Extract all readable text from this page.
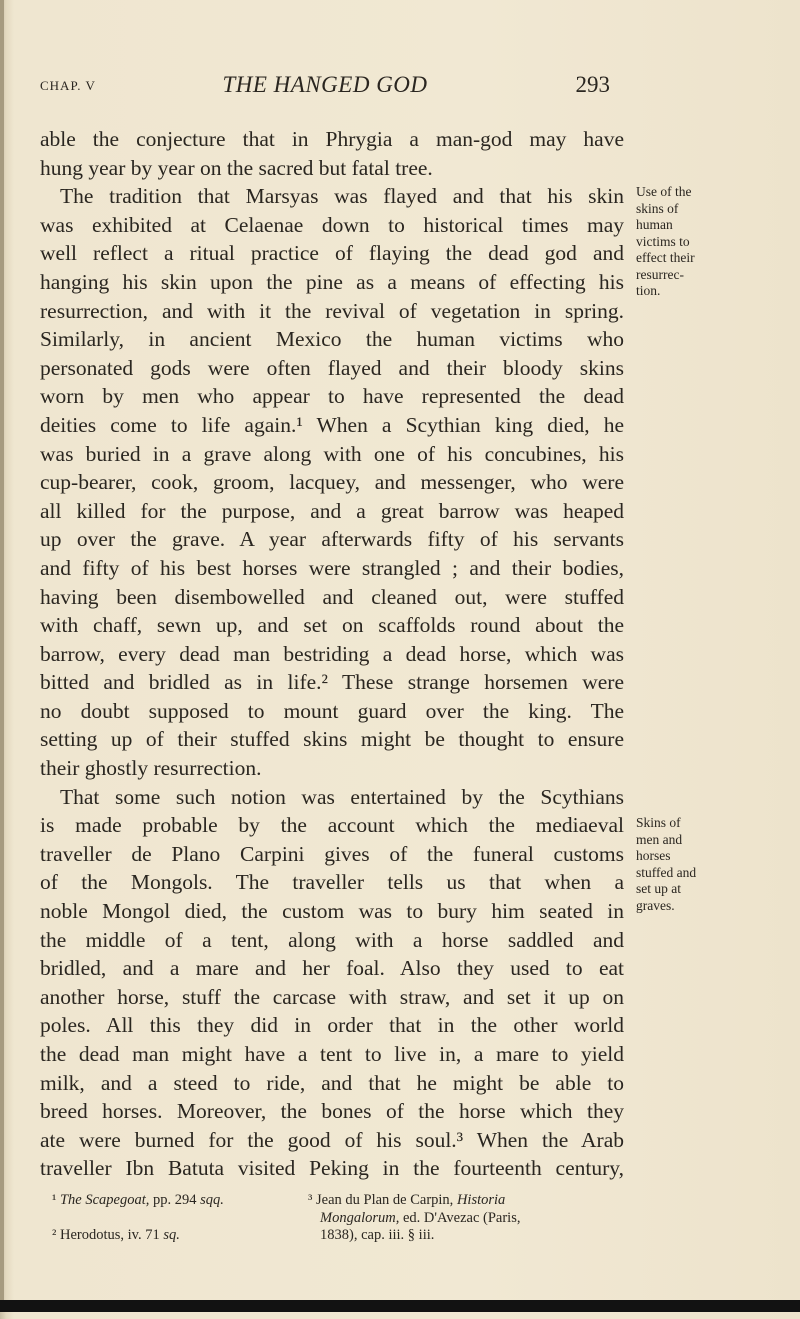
CHAP. V	THE HANGED GOD	293
able the conjecture that in Phrygia a man-god may have
hung year by year on the sacred but fatal tree.
The tradition that Marsyas was flayed and that his skin
was exhibited at Celaenae down to historical times may
well reflect a ritual practice of flaying the dead god and
hanging his skin upon the pine as a means of effecting his
resurrection, and with it the revival of vegetation in spring.
Similarly, in ancient Mexico the human victims who
personated gods were often flayed and their bloody skins
worn by men who appear to have represented the dead
deities come to life again.¹ When a Scythian king died, he
was buried in a grave along with one of his concubines, his
cup-bearer, cook, groom, lacquey, and messenger, who were
all killed for the purpose, and a great barrow was heaped
up over the grave. A year afterwards fifty of his servants
and fifty of his best horses were strangled ; and their bodies,
having been disembowelled and cleaned out, were stuffed
with chaff, sewn up, and set on scaffolds round about the
barrow, every dead man bestriding a dead horse, which was
bitted and bridled as in life.² These strange horsemen were
no doubt supposed to mount guard over the king. The
setting up of their stuffed skins might be thought to ensure
their ghostly resurrection.
That some such notion was entertained by the Scythians
is made probable by the account which the mediaeval
traveller de Plano Carpini gives of the funeral customs
of the Mongols. The traveller tells us that when a
noble Mongol died, the custom was to bury him seated in
the middle of a tent, along with a horse saddled and
bridled, and a mare and her foal. Also they used to eat
another horse, stuff the carcase with straw, and set it up on
poles. All this they did in order that in the other world
the dead man might have a tent to live in, a mare to yield
milk, and a steed to ride, and that he might be able to
breed horses. Moreover, the bones of the horse which they
ate were burned for the good of his soul.³ When the Arab
traveller Ibn Batuta visited Peking in the fourteenth century,
Use of the
skins of
human
victims to
effect their
resurrec-
tion.
Skins of
men and
horses
stuffed and
set up at
graves.
¹ The Scapegoat, pp. 294 sqq.
² Herodotus, iv. 71 sq.
³ Jean du Plan de Carpin, Historia
Mongalorum, ed. D'Avezac (Paris,
1838), cap. iii. § iii.
